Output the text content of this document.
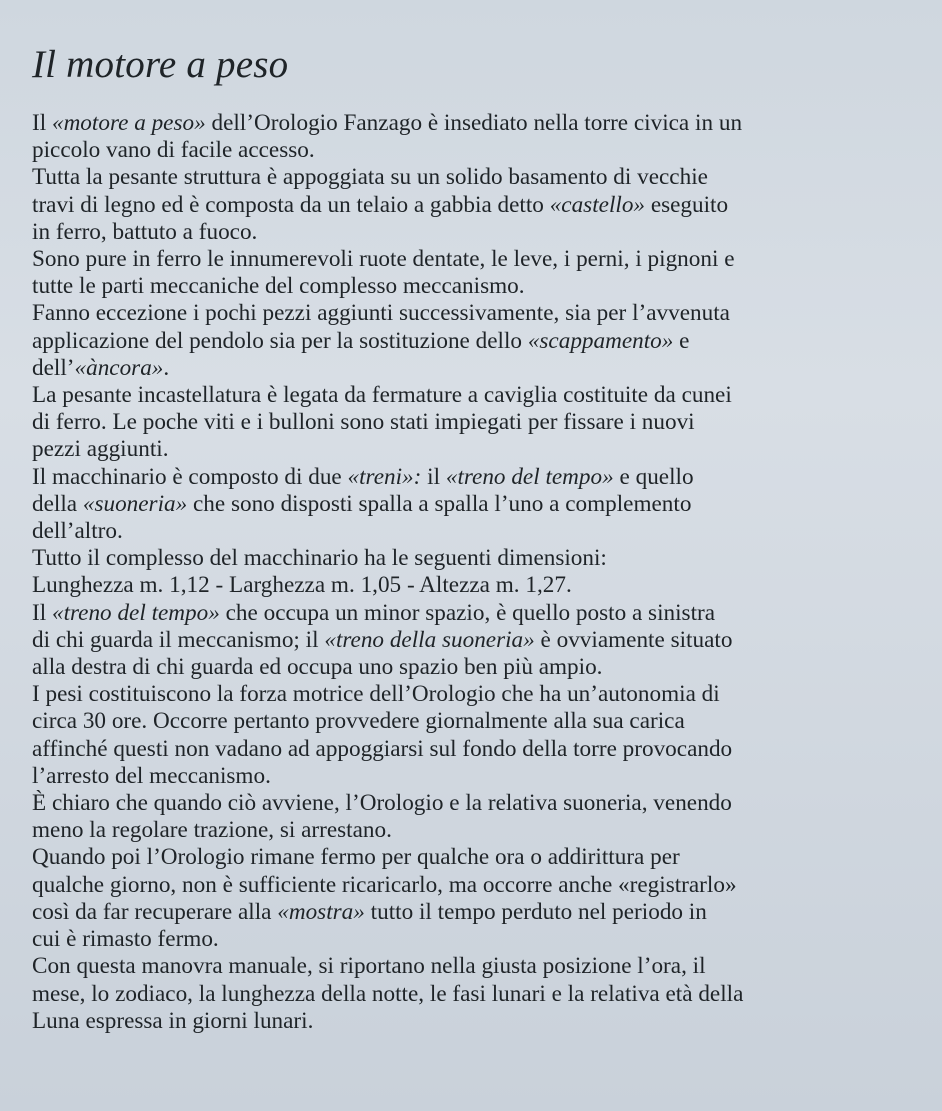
Il motore a peso
Il «motore a peso» dell’Orologio Fanzago è insediato nella torre civica in un
piccolo vano di facile accesso.
Tutta la pesante struttura è appoggiata su un solido basamento di vecchie
travi di legno ed è composta da un telaio a gabbia detto «castello» eseguito
in ferro, battuto a fuoco.
Sono pure in ferro le innumerevoli ruote dentate, le leve, i perni, i pignoni e
tutte le parti meccaniche del complesso meccanismo.
Fanno eccezione i pochi pezzi aggiunti successivamente, sia per l’avvenuta
applicazione del pendolo sia per la sostituzione dello «scappamento» e
dell’«àncora».
La pesante incastellatura è legata da fermature a caviglia costituite da cunei
di ferro. Le poche viti e i bulloni sono stati impiegati per fissare i nuovi
pezzi aggiunti.
Il macchinario è composto di due «treni»: il «treno del tempo» e quello
della «suoneria» che sono disposti spalla a spalla l’uno a complemento
dell’altro.
Tutto il complesso del macchinario ha le seguenti dimensioni:
Lunghezza m. 1,12 - Larghezza m. 1,05 - Altezza m. 1,27.
Il «treno del tempo» che occupa un minor spazio, è quello posto a sinistra
di chi guarda il meccanismo; il «treno della suoneria» è ovviamente situato
alla destra di chi guarda ed occupa uno spazio ben più ampio.
I pesi costituiscono la forza motrice dell’Orologio che ha un’autonomia di
circa 30 ore. Occorre pertanto provvedere giornalmente alla sua carica
affinché questi non vadano ad appoggiarsi sul fondo della torre provocando
l’arresto del meccanismo.
È chiaro che quando ciò avviene, l’Orologio e la relativa suoneria, venendo
meno la regolare trazione, si arrestano.
Quando poi l’Orologio rimane fermo per qualche ora o addirittura per
qualche giorno, non è sufficiente ricaricarlo, ma occorre anche «registrarlo»
così da far recuperare alla «mostra» tutto il tempo perduto nel periodo in
cui è rimasto fermo.
Con questa manovra manuale, si riportano nella giusta posizione l’ora, il
mese, lo zodiaco, la lunghezza della notte, le fasi lunari e la relativa età della
Luna espressa in giorni lunari.
